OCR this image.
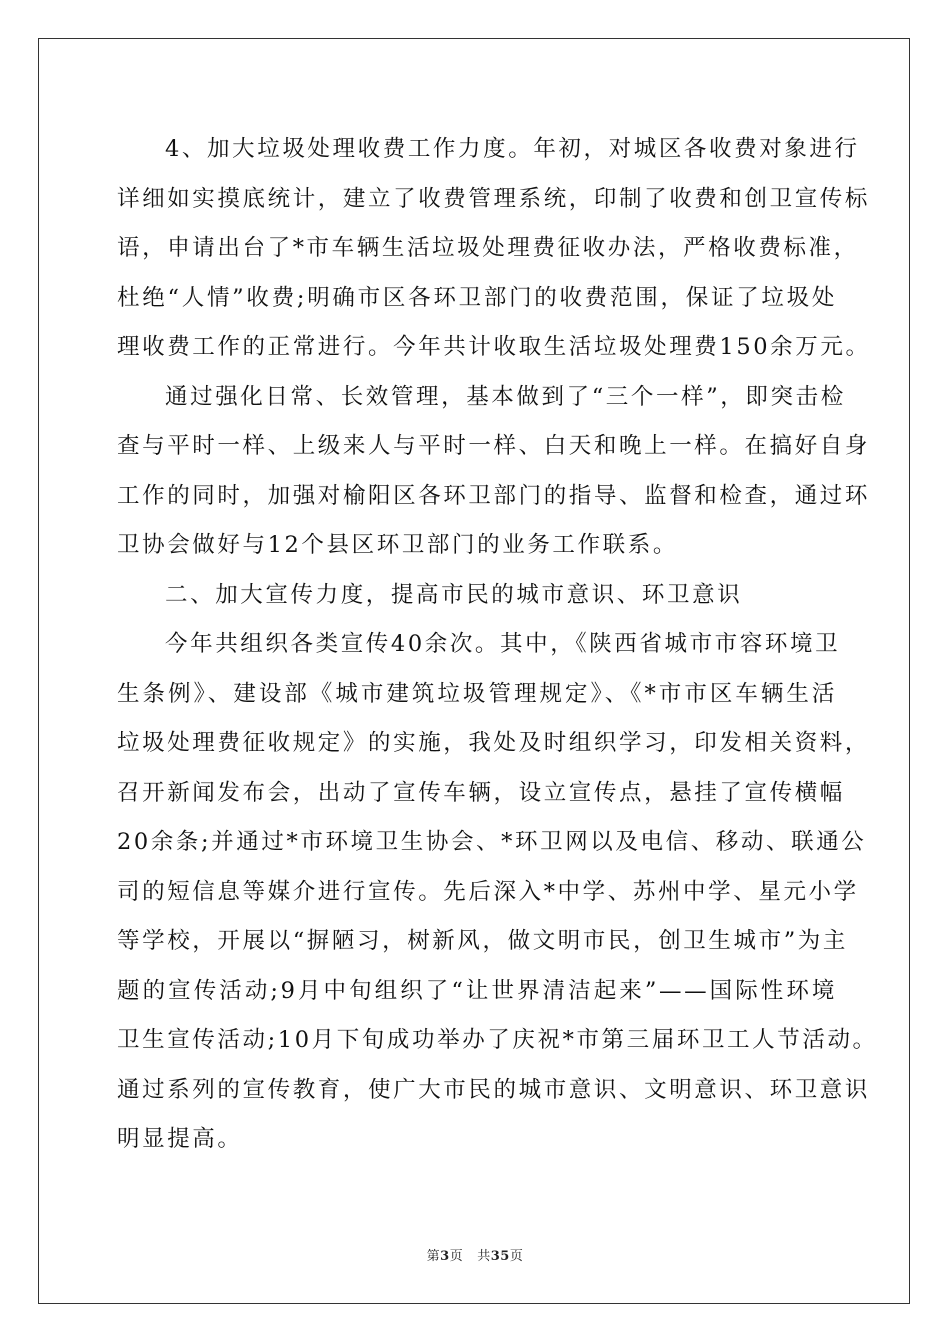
4、加大垃圾处理收费工作力度。年初，对城区各收费对象进行
详细如实摸底统计，建立了收费管理系统，印制了收费和创卫宣传标
语，申请出台了*市车辆生活垃圾处理费征收办法，严格收费标准，
杜绝“人情”收费;明确市区各环卫部门的收费范围，保证了垃圾处
理收费工作的正常进行。今年共计收取生活垃圾处理费150余万元。
通过强化日常、长效管理，基本做到了“三个一样”，即突击检
查与平时一样、上级来人与平时一样、白天和晚上一样。在搞好自身
工作的同时，加强对榆阳区各环卫部门的指导、监督和检查，通过环
卫协会做好与12个县区环卫部门的业务工作联系。
二、加大宣传力度，提高市民的城市意识、环卫意识
今年共组织各类宣传40余次。其中，《陕西省城市市容环境卫
生条例》、建设部《城市建筑垃圾管理规定》、《*市市区车辆生活
垃圾处理费征收规定》的实施，我处及时组织学习，印发相关资料，
召开新闻发布会，出动了宣传车辆，设立宣传点，悬挂了宣传横幅
20余条;并通过*市环境卫生协会、*环卫网以及电信、移动、联通公
司的短信息等媒介进行宣传。先后深入*中学、苏州中学、星元小学
等学校，开展以“摒陋习，树新风，做文明市民，创卫生城市”为主
题的宣传活动;9月中旬组织了“让世界清洁起来”——国际性环境
卫生宣传活动;10月下旬成功举办了庆祝*市第三届环卫工人节活动。
通过系列的宣传教育，使广大市民的城市意识、文明意识、环卫意识
明显提高。
第3页 共35页
